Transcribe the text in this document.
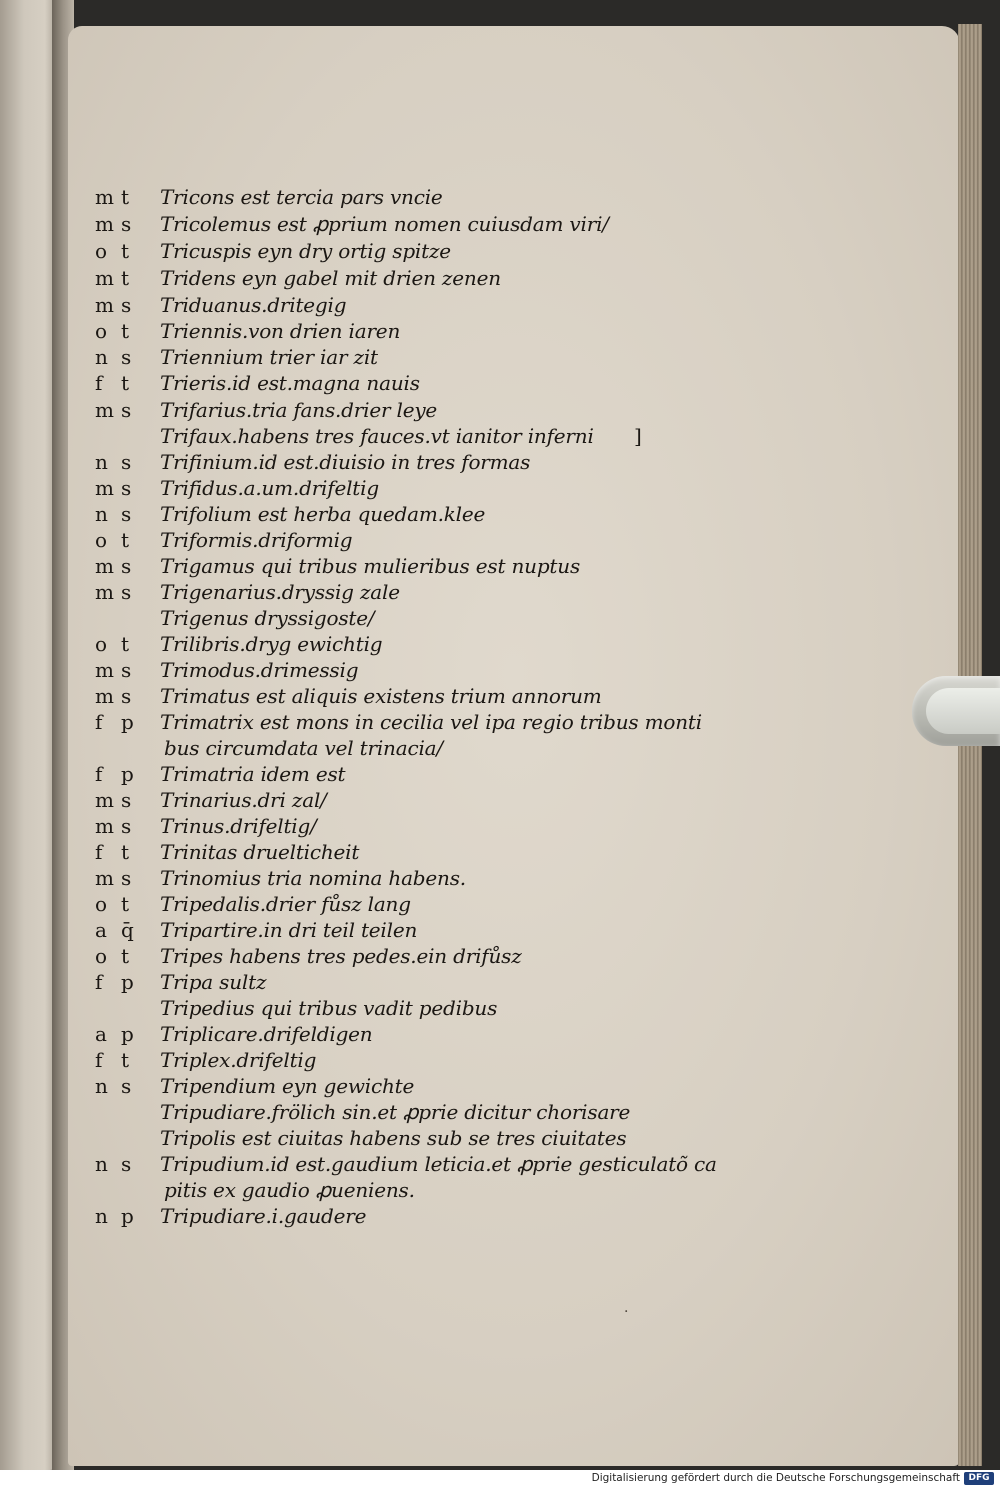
m t	Tricons est tercia pars vncie
m s	Tricolemus est ꝓprium nomen cuiusdam viri/
o t	Tricuspis eyn dry ortig spitze
m t	Tridens eyn gabel mit drien zenen
m s	Triduanus.dritegig
o t	Triennis.von drien iaren
n s	Triennium trier iar zit
f t	Trieris.id est.magna nauis
m s	Trifarius.tria fans.drier leye
Trifaux.habens tres fauces.vt ianitor inferni ]
n s	Trifinium.id est.diuisio in tres formas
m s	Trifidus.a.um.drifeltig
n s	Trifolium est herba quedam.klee
o t	Triformis.driformig
m s	Trigamus qui tribus mulieribus est nuptus
m s	Trigenarius.dryssig zale
Trigenus dryssigoste/
o t	Trilibris.dryg ewichtig
m s	Trimodus.drimessig
m s	Trimatus est aliquis existens trium annorum
f p	Trimatrix est mons in cecilia vel ipa regio tribus monti
bus circumdata vel trinacia/
f p	Trimatria idem est
m s	Trinarius.dri zal/
m s	Trinus.drifeltig/
f t	Trinitas druelticheit
m s	Trinomius tria nomina habens.
o t	Tripedalis.drier fůsz lang
a q̄	Tripartire.in dri teil teilen
o t	Tripes habens tres pedes.ein drifůsz
f p	Tripa sultz
Tripedius qui tribus vadit pedibus
a p	Triplicare.drifeldigen
f t	Triplex.drifeltig
n s	Tripendium eyn gewichte
Tripudiare.frölich sin.et ꝓprie dicitur chorisare
Tripolis est ciuitas habens sub se tres ciuitates
n s	Tripudium.id est.gaudium leticia.et ꝓprie gesticulatõ ca
pitis ex gaudio ꝓueniens.
n p	Tripudiare.i.gaudere
·
Digitalisierung gefördert durch die Deutsche Forschungsgemeinschaft DFG
